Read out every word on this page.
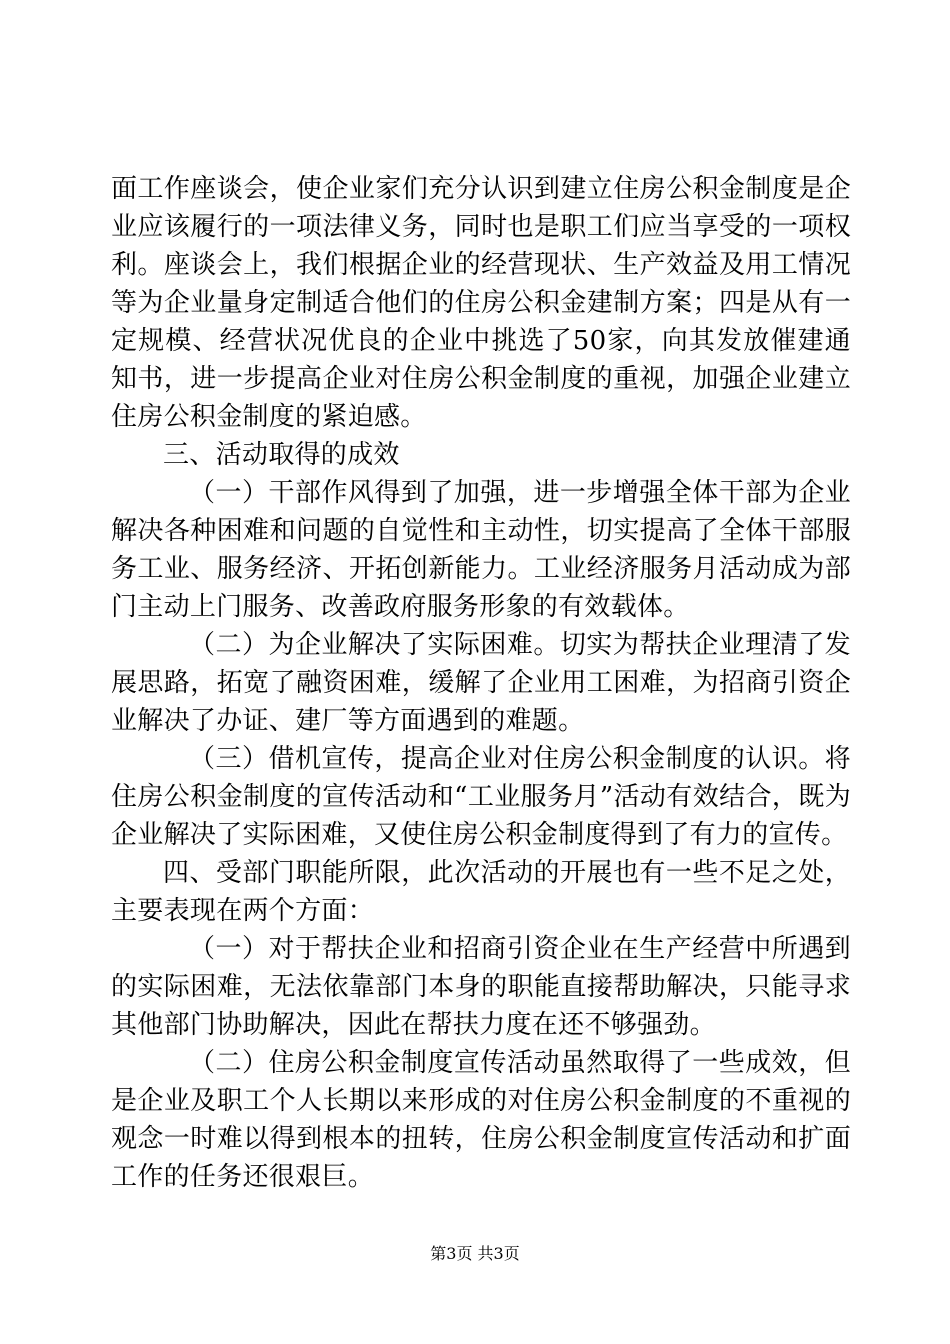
面工作座谈会，使企业家们充分认识到建立住房公积金制度是企业应该履行的一项法律义务，同时也是职工们应当享受的一项权利。座谈会上，我们根据企业的经营现状、生产效益及用工情况等为企业量身定制适合他们的住房公积金建制方案；四是从有一定规模、经营状况优良的企业中挑选了50家，向其发放催建通知书，进一步提高企业对住房公积金制度的重视，加强企业建立住房公积金制度的紧迫感。

三、活动取得的成效

（一）干部作风得到了加强，进一步增强全体干部为企业解决各种困难和问题的自觉性和主动性，切实提高了全体干部服务工业、服务经济、开拓创新能力。工业经济服务月活动成为部门主动上门服务、改善政府服务形象的有效载体。

（二）为企业解决了实际困难。切实为帮扶企业理清了发展思路，拓宽了融资困难，缓解了企业用工困难，为招商引资企业解决了办证、建厂等方面遇到的难题。

（三）借机宣传，提高企业对住房公积金制度的认识。将住房公积金制度的宣传活动和“工业服务月”活动有效结合，既为企业解决了实际困难，又使住房公积金制度得到了有力的宣传。

四、受部门职能所限，此次活动的开展也有一些不足之处，主要表现在两个方面：

（一）对于帮扶企业和招商引资企业在生产经营中所遇到的实际困难，无法依靠部门本身的职能直接帮助解决，只能寻求其他部门协助解决，因此在帮扶力度在还不够强劲。

（二）住房公积金制度宣传活动虽然取得了一些成效，但是企业及职工个人长期以来形成的对住房公积金制度的不重视的观念一时难以得到根本的扭转，住房公积金制度宣传活动和扩面工作的任务还很艰巨。

第3页 共3页
